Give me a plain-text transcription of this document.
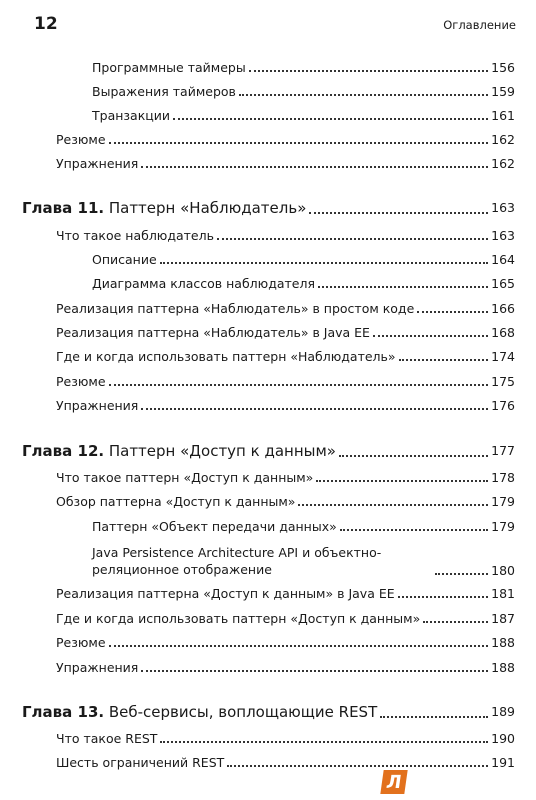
12	Оглавление
Программные таймеры	156
Выражения таймеров	159
Транзакции	161
Резюме	162
Упражнения	162
Глава 11. Паттерн «Наблюдатель»	163
Что такое наблюдатель	163
Описание	164
Диаграмма классов наблюдателя	165
Реализация паттерна «Наблюдатель» в простом коде	166
Реализация паттерна «Наблюдатель» в Java EE	168
Где и когда использовать паттерн «Наблюдатель»	174
Резюме	175
Упражнения	176
Глава 12. Паттерн «Доступ к данным»	177
Что такое паттерн «Доступ к данным»	178
Обзор паттерна «Доступ к данным»	179
Паттерн «Объект передачи данных»	179
Java Persistence Architecture API и объектно-реляционное отображение	180
Реализация паттерна «Доступ к данным» в Java EE	181
Где и когда использовать паттерн «Доступ к данным»	187
Резюме	188
Упражнения	188
Глава 13. Веб-сервисы, воплощающие REST	189
Что такое REST	190
Шесть ограничений REST	191
Л
